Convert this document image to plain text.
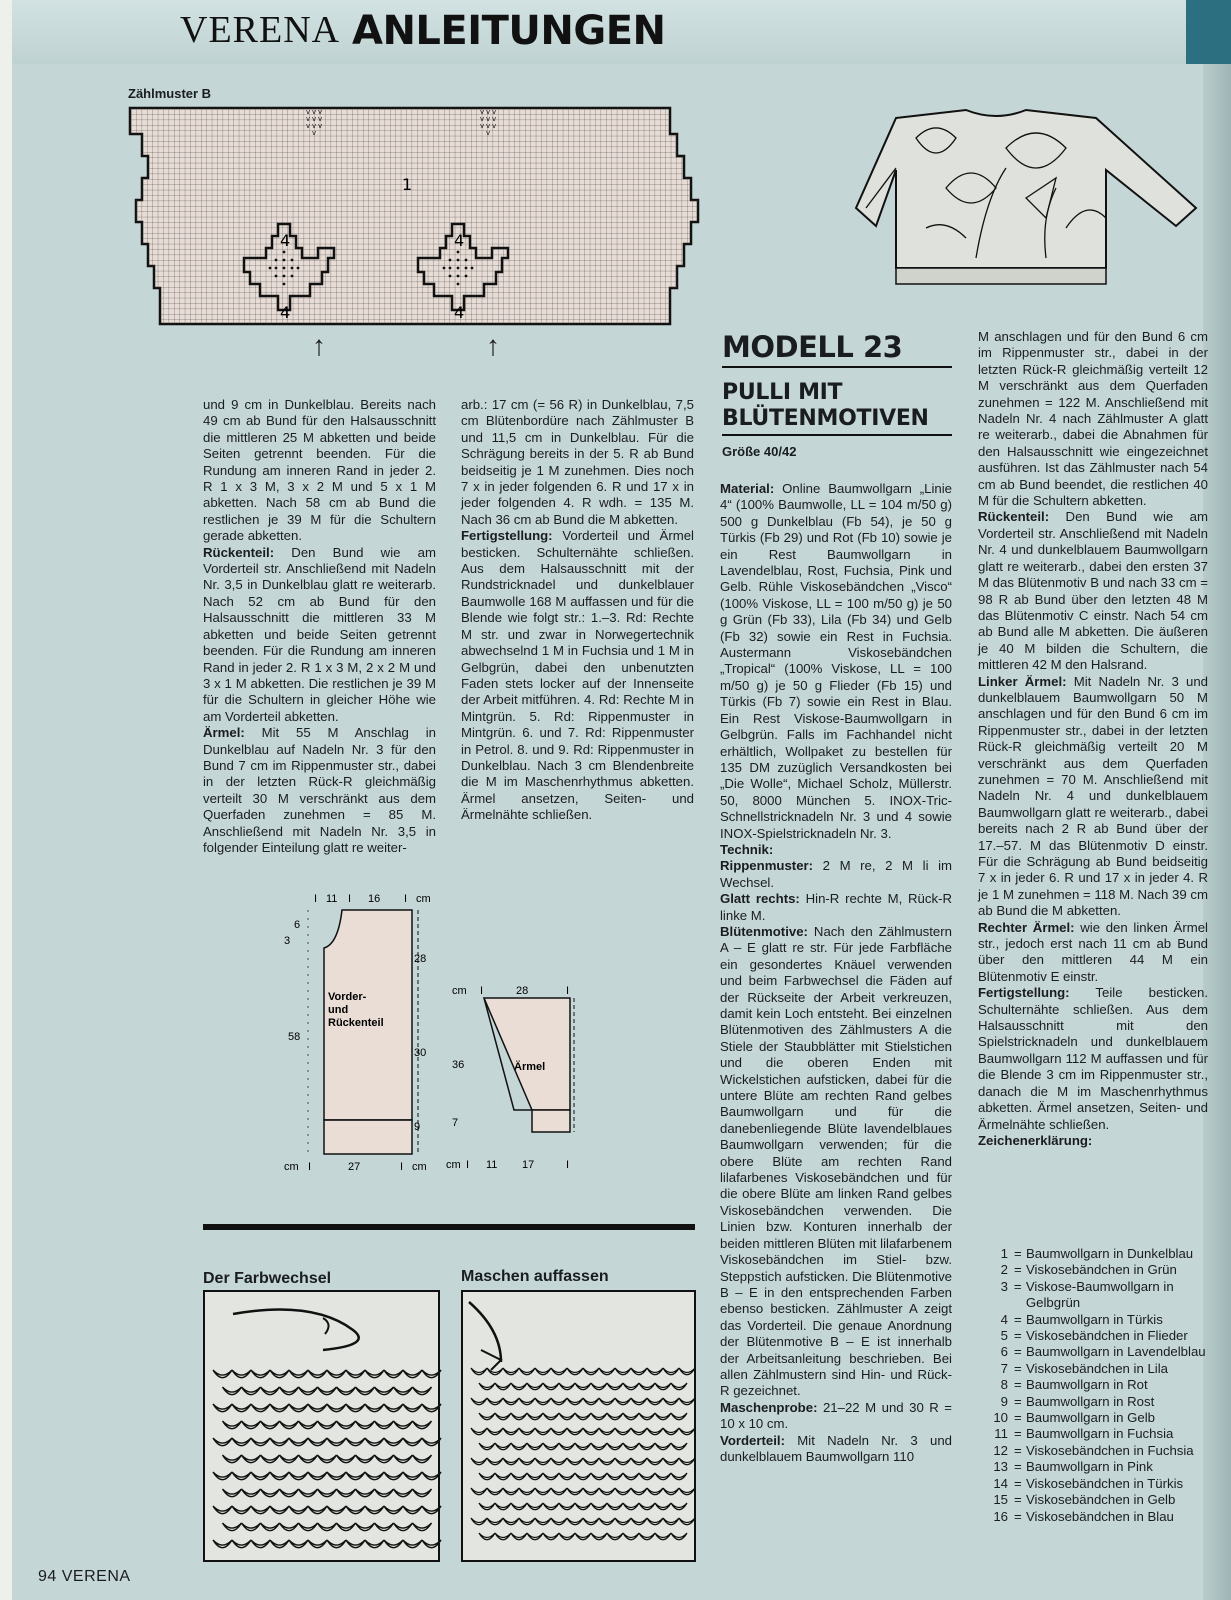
VERENA ANLEITUNGEN
Zählmuster B
v v v
v v v
v v v
v
v v v
v v v
v v v
v
1
4	4
4	4
↑	↑

und 9 cm in Dunkelblau. Bereits nach 49 cm ab Bund für den Halsausschnitt die mittleren 25 M abketten und beide Seiten getrennt beenden. Für die Rundung am inneren Rand in jeder 2. R 1 x 3 M, 3 x 2 M und 5 x 1 M abketten. Nach 58 cm ab Bund die restlichen je 39 M für die Schultern gerade abketten.

Rückenteil: Den Bund wie am Vorderteil str. Anschließend mit Nadeln Nr. 3,5 in Dunkelblau glatt re weiterarb. Nach 52 cm ab Bund für den Halsausschnitt die mittleren 33 M abketten und beide Seiten getrennt beenden. Für die Rundung am inneren Rand in jeder 2. R 1 x 3 M, 2 x 2 M und 3 x 1 M abketten. Die restlichen je 39 M für die Schultern in gleicher Höhe wie am Vorderteil abketten.

Ärmel: Mit 55 M Anschlag in Dunkelblau auf Nadeln Nr. 3 für den Bund 7 cm im Rippenmuster str., dabei in der letzten Rück-R gleichmäßig verteilt 30 M verschränkt aus dem Querfaden zunehmen = 85 M. Anschließend mit Nadeln Nr. 3,5 in folgender Einteilung glatt re weiter-

arb.: 17 cm (= 56 R) in Dunkelblau, 7,5 cm Blütenbordüre nach Zählmuster B und 11,5 cm in Dunkelblau. Für die Schrägung bereits in der 5. R ab Bund beidseitig je 1 M zunehmen. Dies noch 7 x in jeder folgenden 6. R und 17 x in jeder folgenden 4. R wdh. = 135 M. Nach 36 cm ab Bund die M abketten.

Fertigstellung: Vorderteil und Ärmel besticken. Schulternähte schließen. Aus dem Halsausschnitt mit der Rundstricknadel und dunkelblauer Baumwolle 168 M auffassen und für die Blende wie folgt str.: 1.–3. Rd: Rechte M str. und zwar in Norwegertechnik abwechselnd 1 M in Fuchsia und 1 M in Gelbgrün, dabei den unbenutzten Faden stets locker auf der Innenseite der Arbeit mitführen. 4. Rd: Rechte M in Mintgrün. 5. Rd: Rippenmuster in Mintgrün. 6. und 7. Rd: Rippenmuster in Petrol. 8. und 9. Rd: Rippenmuster in Dunkelblau. Nach 3 cm Blendenbreite die M im Maschenrhythmus abketten. Ärmel ansetzen, Seiten- und Ärmelnähte schließen.

MODELL 23
PULLI MIT
BLÜTENMOTIVEN
Größe 40/42

Material: Online Baumwollgarn „Linie 4“ (100% Baumwolle, LL = 104 m/50 g) 500 g Dunkelblau (Fb 54), je 50 g Türkis (Fb 29) und Rot (Fb 10) sowie je ein Rest Baumwollgarn in Lavendelblau, Rost, Fuchsia, Pink und Gelb. Rühle Viskosebändchen „Visco“ (100% Viskose, LL = 100 m/50 g) je 50 g Grün (Fb 33), Lila (Fb 34) und Gelb (Fb 32) sowie ein Rest in Fuchsia. Austermann Viskosebändchen „Tropical“ (100% Viskose, LL = 100 m/50 g) je 50 g Flieder (Fb 15) und Türkis (Fb 7) sowie ein Rest in Blau. Ein Rest Viskose-Baumwollgarn in Gelbgrün. Falls im Fachhandel nicht erhältlich, Wollpaket zu bestellen für 135 DM zuzüglich Versandkosten bei „Die Wolle“, Michael Scholz, Müllerstr. 50, 8000 München 5. INOX-Tric-Schnellstricknadeln Nr. 3 und 4 sowie INOX-Spielstricknadeln Nr. 3.

Technik:

Rippenmuster: 2 M re, 2 M li im Wechsel.

Glatt rechts: Hin-R rechte M, Rück-R linke M.

Blütenmotive: Nach den Zählmustern A – E glatt re str. Für jede Farbfläche ein gesondertes Knäuel verwenden und beim Farbwechsel die Fäden auf der Rückseite der Arbeit verkreuzen, damit kein Loch entsteht. Bei einzelnen Blütenmotiven des Zählmusters A die Stiele der Staubblätter mit Stielstichen und die oberen Enden mit Wickelstichen aufsticken, dabei für die untere Blüte am rechten Rand gelbes Baumwollgarn und für die danebenliegende Blüte lavendelblaues Baumwollgarn verwenden; für die obere Blüte am rechten Rand lilafarbenes Viskosebändchen und für die obere Blüte am linken Rand gelbes Viskosebändchen verwenden. Die Linien bzw. Konturen innerhalb der beiden mittleren Blüten mit lilafarbenem Viskosebändchen im Stiel- bzw. Steppstich aufsticken. Die Blütenmotive B – E in den entsprechenden Farben ebenso besticken. Zählmuster A zeigt das Vorderteil. Die genaue Anordnung der Blütenmotive B – E ist innerhalb der Arbeitsanleitung beschrieben. Bei allen Zählmustern sind Hin- und Rück-R gezeichnet.

Maschenprobe: 21–22 M und 30 R = 10 x 10 cm.

Vorderteil: Mit Nadeln Nr. 3 und dunkelblauem Baumwollgarn 110

M anschlagen und für den Bund 6 cm im Rippenmuster str., dabei in der letzten Rück-R gleichmäßig verteilt 12 M verschränkt aus dem Querfaden zunehmen = 122 M. Anschließend mit Nadeln Nr. 4 nach Zählmuster A glatt re weiterarb., dabei die Abnahmen für den Halsausschnitt wie eingezeichnet ausführen. Ist das Zählmuster nach 54 cm ab Bund beendet, die restlichen 40 M für die Schultern abketten.

Rückenteil: Den Bund wie am Vorderteil str. Anschließend mit Nadeln Nr. 4 und dunkelblauem Baumwollgarn glatt re weiterarb., dabei den ersten 37 M das Blütenmotiv B und nach 33 cm = 98 R ab Bund über den letzten 48 M das Blütenmotiv C einstr. Nach 54 cm ab Bund alle M abketten. Die äußeren je 40 M bilden die Schultern, die mittleren 42 M den Halsrand.

Linker Ärmel: Mit Nadeln Nr. 3 und dunkelblauem Baumwollgarn 50 M anschlagen und für den Bund 6 cm im Rippenmuster str., dabei in der letzten Rück-R gleichmäßig verteilt 20 M verschränkt aus dem Querfaden zunehmen = 70 M. Anschließend mit Nadeln Nr. 4 und dunkelblauem Baumwollgarn glatt re weiterarb., dabei bereits nach 2 R ab Bund über der 17.–57. M das Blütenmotiv D einstr. Für die Schrägung ab Bund beidseitig 7 x in jeder 6. R und 17 x in jeder 4. R je 1 M zunehmen = 118 M. Nach 39 cm ab Bund die M abketten.

Rechter Ärmel: wie den linken Ärmel str., jedoch erst nach 11 cm ab Bund über den mittleren 44 M ein Blütenmotiv E einstr.

Fertigstellung: Teile besticken. Schulternähte schließen. Aus dem Halsausschnitt mit den Spielstricknadeln und dunkelblauem Baumwollgarn 112 M auffassen und für die Blende 3 cm im Rippenmuster str., danach die M im Maschenrhythmus abketten. Ärmel ansetzen, Seiten- und Ärmelnähte schließen.

Zeichenerklärung:

1 = Baumwollgarn in Dunkelblau
2 = Viskosebändchen in Grün
3 = Viskose-Baumwollgarn in Gelbgrün
4 = Baumwollgarn in Türkis
5 = Viskosebändchen in Flieder
6 = Baumwollgarn in Lavendelblau
7 = Viskosebändchen in Lila
8 = Baumwollgarn in Rot
9 = Baumwollgarn in Rost
10 = Baumwollgarn in Gelb
11 = Baumwollgarn in Fuchsia
12 = Viskosebändchen in Fuchsia
13 = Baumwollgarn in Pink
14 = Viskosebändchen in Türkis
15 = Viskosebändchen in Gelb
16 = Viskosebändchen in Blau
I 11 I 16 I cm
6
3
58
28
30
9
Vorder-
und
Rückenteil
cm I	27	I cm
cm I	28	I
36
7
Ärmel
cm I 11 17	I
Der Farbwechsel	Maschen auffassen
94 VERENA
